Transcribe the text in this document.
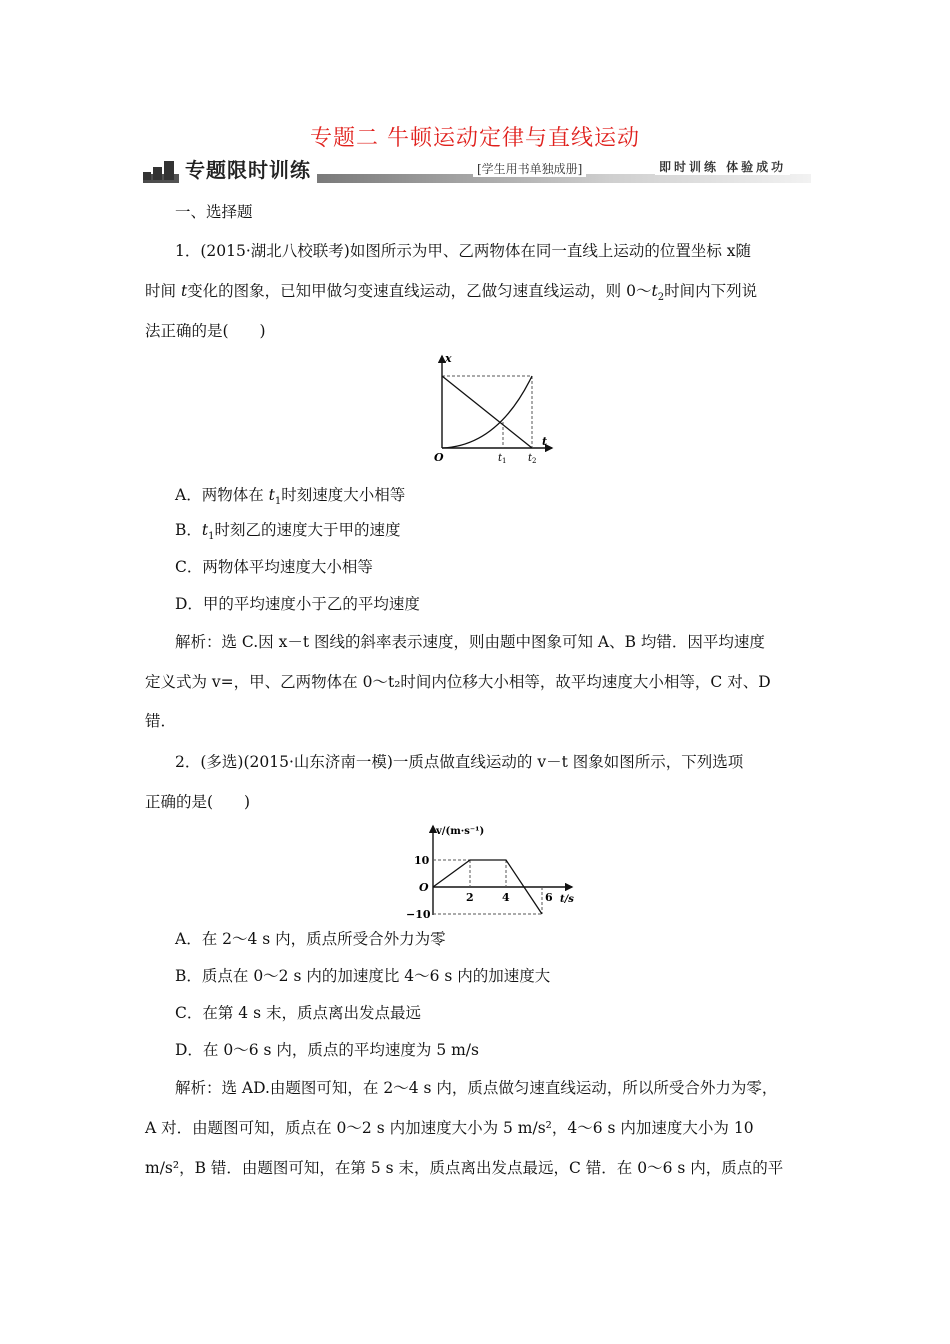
专题二 牛顿运动定律与直线运动
专题限时训练	[学生用书单独成册]	即时训练 体验成功
一、选择题
1．(2015·湖北八校联考)如图所示为甲、乙两物体在同一直线上运动的位置坐标 x随
时间 t变化的图象，已知甲做匀变速直线运动，乙做匀速直线运动，则 $0\sim t_2$时间内下列说
法正确的是(　　)
x
t
O	$t_1$ $t_2$
A．两物体在 $t_1$时刻速度大小相等
B．$t_1$时刻乙的速度大于甲的速度
C．两物体平均速度大小相等
D．甲的平均速度小于乙的平均速度
解析：选 C.因 x－t 图线的斜率表示速度，则由题中图象可知 A、B 均错．因平均速度
定义式为 v=，甲、乙两物体在 0～t₂时间内位移大小相等，故平均速度大小相等，C 对、D
错．
2．(多选)(2015·山东济南一模)一质点做直线运动的 v－t 图象如图所示，下列选项
正确的是(　　)
v/(m·s⁻¹)
t/s
O
10
−10
2	4	6
A．在 2～4 s 内，质点所受合外力为零
B．质点在 0～2 s 内的加速度比 4～6 s 内的加速度大
C．在第 4 s 末，质点离出发点最远
D．在 0～6 s 内，质点的平均速度为 5 m/s
解析：选 AD.由题图可知，在 2～4 s 内，质点做匀速直线运动，所以所受合外力为零，
A 对．由题图可知，质点在 0～2 s 内加速度大小为 5 m/s²，4～6 s 内加速度大小为 10
m/s²，B 错．由题图可知，在第 5 s 末，质点离出发点最远，C 错．在 0～6 s 内，质点的平
